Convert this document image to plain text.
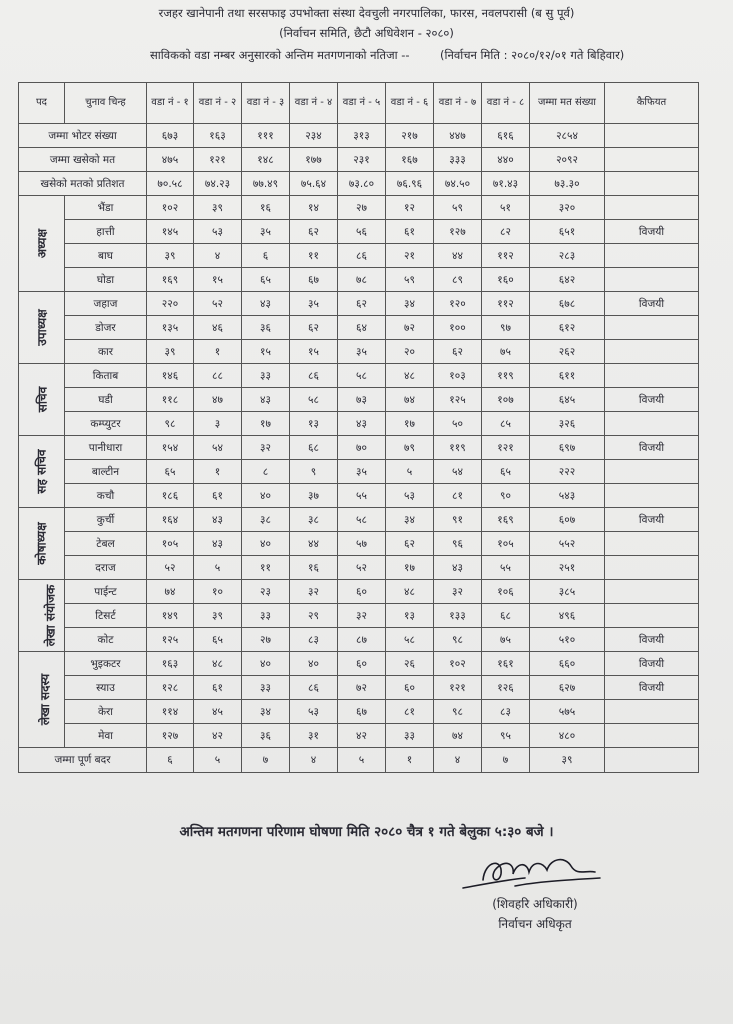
रजहर खानेपानी तथा सरसफाइ उपभोक्ता संस्था देवचुली नगरपालिका, फारस, नवलपरासी (ब सु पूर्व)
(निर्वाचन समिति, छैटौ अधिवेशन - २०८०)
साविकको वडा नम्बर अनुसारको अन्तिम मतगणनाको नतिजा --	(निर्वाचन मिति : २०८०/१२/०१ गते बिहिवार)
पद	चुनाव चिन्ह	वडा नं - १	वडा नं - २	वडा नं - ३	वडा नं - ४	वडा नं - ५	वडा नं - ६	वडा नं - ७	वडा नं - ८	जम्मा मत संख्या	कैफियत
जम्मा भोटर संख्या		६७३	१६३	१११	२३४	३१३	२१७	४४७	६१६	२८५४	
जम्मा खसेको मत		४७५	१२१	१४८	१७७	२३१	१६७	३३३	४४०	२०९२	
खसेको मतको प्रतिशत		७०.५८	७४.२३	७७.४९	७५.६४	७३.८०	७६.९६	७४.५०	७१.४३	७३.३०	
अध्यक्ष	भैंडा	१०२	३९	१६	१४	२७	१२	५९	५१	३२०	
	हात्ती	१४५	५३	३५	६२	५६	६१	१२७	८२	६५१	विजयी
	बाघ	३९	४	६	११	८६	२१	४४	११२	२८३	
	घोडा	१६९	१५	६५	६७	७८	५९	८९	१६०	६४२	
उपाध्यक्ष	जहाज	२२०	५२	४३	३५	६२	३४	१२०	११२	६७८	विजयी
	डोजर	१३५	४६	३६	६२	६४	७२	१००	९७	६१२	
	कार	३९	१	१५	१५	३५	२०	६२	७५	२६२	
सचिव	किताब	१४६	८८	३३	८६	५८	४८	१०३	११९	६११	
	घडी	११८	४७	४३	५८	७३	७४	१२५	१०७	६४५	विजयी
	कम्प्युटर	९८	३	१७	१३	४३	१७	५०	८५	३२६	
सह सचिव	पानीधारा	१५४	५४	३२	६८	७०	७९	११९	१२१	६९७	विजयी
	बाल्टीन	६५	१	८	९	३५	५	५४	६५	२२२	
	कचौ	१८६	६१	४०	३७	५५	५३	८१	९०	५४३	
कोषाध्यक्ष	कुर्ची	१६४	४३	३८	३८	५८	३४	९१	१६९	६०७	विजयी
	टेबल	१०५	४३	४०	४४	५७	६२	९६	१०५	५५२	
	दराज	५२	५	११	१६	५२	१७	४३	५५	२५१	
लेखा संयोजक	पाईन्ट	७४	१०	२३	३२	६०	४८	३२	१०६	३८५	
	टिसर्ट	१४९	३९	३३	२९	३२	१३	१३३	६८	४९६	
	कोट	१२५	६५	२७	८३	८७	५८	९८	७५	५१०	विजयी
लेखा सदस्य	भुइकटर	१६३	४८	४०	४०	६०	२६	१०२	१६१	६६०	विजयी
	स्याउ	१२८	६१	३३	८६	७२	६०	१२१	१२६	६२७	विजयी
	केरा	११४	४५	३४	५३	६७	८१	९८	८३	५७५	
	मेवा	१२७	४२	३६	३१	४२	३३	७४	९५	४८०	
जम्मा पूर्ण बदर		६	५	७	४	५	१	४	७	३९	
अन्तिम मतगणना परिणाम घोषणा मिति २०८० चैत्र १ गते बेलुका ५:३० बजे ।
(शिवहरि अधिकारी)
निर्वाचन अधिकृत
